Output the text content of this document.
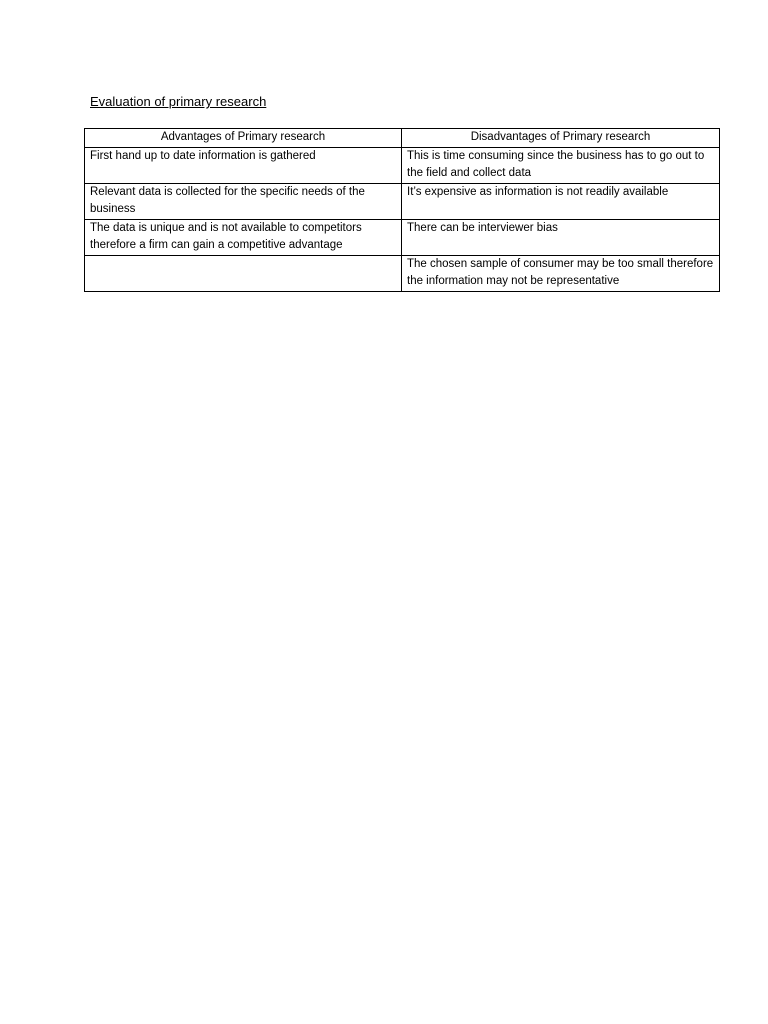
Evaluation of primary research
Advantages of Primary research	Disadvantages of Primary research
First hand up to date information is gathered	This is time consuming since the business has to go out to the field and collect data
Relevant data is collected for the specific needs of the business	It’s expensive as information is not readily available
The data is unique and is not available to competitors therefore a firm can gain a competitive advantage	There can be interviewer bias
	The chosen sample of consumer may be too small therefore the information may not be representative
